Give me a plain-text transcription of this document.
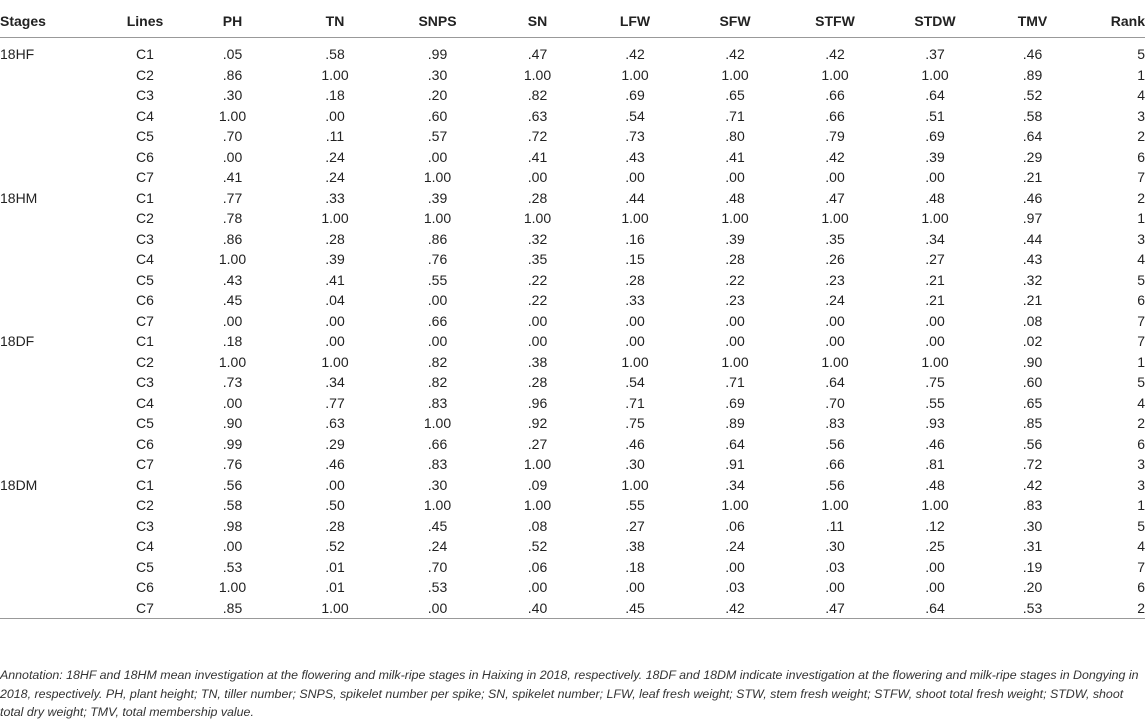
Stages	Lines	PH	TN	SNPS	SN	LFW	SFW	STFW	STDW	TMV	Rank
18HF	C1	.05	.58	.99	.47	.42	.42	.42	.37	.46	5
	C2	.86	1.00	.30	1.00	1.00	1.00	1.00	1.00	.89	1
	C3	.30	.18	.20	.82	.69	.65	.66	.64	.52	4
	C4	1.00	.00	.60	.63	.54	.71	.66	.51	.58	3
	C5	.70	.11	.57	.72	.73	.80	.79	.69	.64	2
	C6	.00	.24	.00	.41	.43	.41	.42	.39	.29	6
	C7	.41	.24	1.00	.00	.00	.00	.00	.00	.21	7
18HM	C1	.77	.33	.39	.28	.44	.48	.47	.48	.46	2
	C2	.78	1.00	1.00	1.00	1.00	1.00	1.00	1.00	.97	1
	C3	.86	.28	.86	.32	.16	.39	.35	.34	.44	3
	C4	1.00	.39	.76	.35	.15	.28	.26	.27	.43	4
	C5	.43	.41	.55	.22	.28	.22	.23	.21	.32	5
	C6	.45	.04	.00	.22	.33	.23	.24	.21	.21	6
	C7	.00	.00	.66	.00	.00	.00	.00	.00	.08	7
18DF	C1	.18	.00	.00	.00	.00	.00	.00	.00	.02	7
	C2	1.00	1.00	.82	.38	1.00	1.00	1.00	1.00	.90	1
	C3	.73	.34	.82	.28	.54	.71	.64	.75	.60	5
	C4	.00	.77	.83	.96	.71	.69	.70	.55	.65	4
	C5	.90	.63	1.00	.92	.75	.89	.83	.93	.85	2
	C6	.99	.29	.66	.27	.46	.64	.56	.46	.56	6
	C7	.76	.46	.83	1.00	.30	.91	.66	.81	.72	3
18DM	C1	.56	.00	.30	.09	1.00	.34	.56	.48	.42	3
	C2	.58	.50	1.00	1.00	.55	1.00	1.00	1.00	.83	1
	C3	.98	.28	.45	.08	.27	.06	.11	.12	.30	5
	C4	.00	.52	.24	.52	.38	.24	.30	.25	.31	4
	C5	.53	.01	.70	.06	.18	.00	.03	.00	.19	7
	C6	1.00	.01	.53	.00	.00	.03	.00	.00	.20	6
	C7	.85	1.00	.00	.40	.45	.42	.47	.64	.53	2
Annotation: 18HF and 18HM mean investigation at the flowering and milk-ripe stages in Haixing in 2018, respectively. 18DF and 18DM indicate investigation at the flowering and milk-ripe stages in Dongying in 2018, respectively. PH, plant height; TN, tiller number; SNPS, spikelet number per spike; SN, spikelet number; LFW, leaf fresh weight; STW, stem fresh weight; STFW, shoot total fresh weight; STDW, shoot total dry weight; TMV, total membership value.
